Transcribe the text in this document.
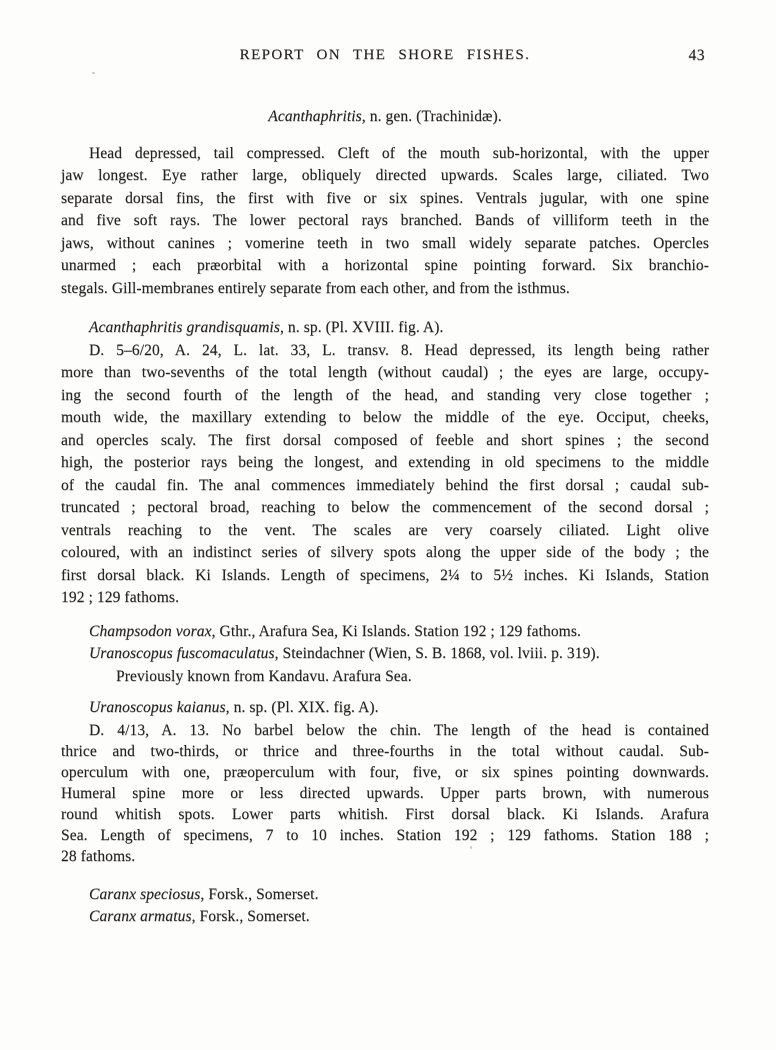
REPORT ON THE SHORE FISHES.	43
Acanthaphritis, n. gen. (Trachinidæ).
Head depressed, tail compressed. Cleft of the mouth sub-horizontal, with the upper
jaw longest. Eye rather large, obliquely directed upwards. Scales large, ciliated. Two
separate dorsal fins, the first with five or six spines. Ventrals jugular, with one spine
and five soft rays. The lower pectoral rays branched. Bands of villiform teeth in the
jaws, without canines ; vomerine teeth in two small widely separate patches. Opercles
unarmed ; each præorbital with a horizontal spine pointing forward. Six branchio-
stegals. Gill-membranes entirely separate from each other, and from the isthmus.
Acanthaphritis grandisquamis, n. sp. (Pl. XVIII. fig. A).
D. 5–6/20, A. 24, L. lat. 33, L. transv. 8. Head depressed, its length being rather
more than two-sevenths of the total length (without caudal) ; the eyes are large, occupy-
ing the second fourth of the length of the head, and standing very close together ;
mouth wide, the maxillary extending to below the middle of the eye. Occiput, cheeks,
and opercles scaly. The first dorsal composed of feeble and short spines ; the second
high, the posterior rays being the longest, and extending in old specimens to the middle
of the caudal fin. The anal commences immediately behind the first dorsal ; caudal sub-
truncated ; pectoral broad, reaching to below the commencement of the second dorsal ;
ventrals reaching to the vent. The scales are very coarsely ciliated. Light olive
coloured, with an indistinct series of silvery spots along the upper side of the body ; the
first dorsal black. Ki Islands. Length of specimens, 2¼ to 5½ inches. Ki Islands, Station
192 ; 129 fathoms.
Champsodon vorax, Gthr., Arafura Sea, Ki Islands. Station 192 ; 129 fathoms.
Uranoscopus fuscomaculatus, Steindachner (Wien, S. B. 1868, vol. lviii. p. 319).
Previously known from Kandavu. Arafura Sea.
Uranoscopus kaianus, n. sp. (Pl. XIX. fig. A).
D. 4/13, A. 13. No barbel below the chin. The length of the head is contained
thrice and two-thirds, or thrice and three-fourths in the total without caudal. Sub-
operculum with one, præoperculum with four, five, or six spines pointing downwards.
Humeral spine more or less directed upwards. Upper parts brown, with numerous
round whitish spots. Lower parts whitish. First dorsal black. Ki Islands. Arafura
Sea. Length of specimens, 7 to 10 inches. Station 192 ; 129 fathoms. Station 188 ;
28 fathoms.
Caranx speciosus, Forsk., Somerset.
Caranx armatus, Forsk., Somerset.
